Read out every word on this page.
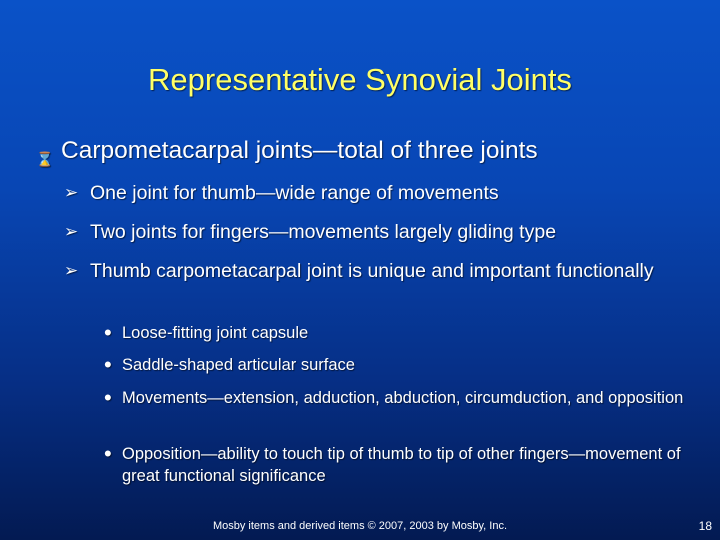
Representative Synovial Joints
⌛ Carpometacarpal joints—total of three joints
➢ One joint for thumb—wide range of movements
➢ Two joints for fingers—movements largely gliding type
➢ Thumb carpometacarpal joint is unique and important functionally
• Loose-fitting joint capsule
• Saddle-shaped articular surface
• Movements—extension, adduction, abduction, circumduction, and opposition
• Opposition—ability to touch tip of thumb to tip of other fingers—movement of great functional significance
Mosby items and derived items © 2007, 2003 by Mosby, Inc.	18
